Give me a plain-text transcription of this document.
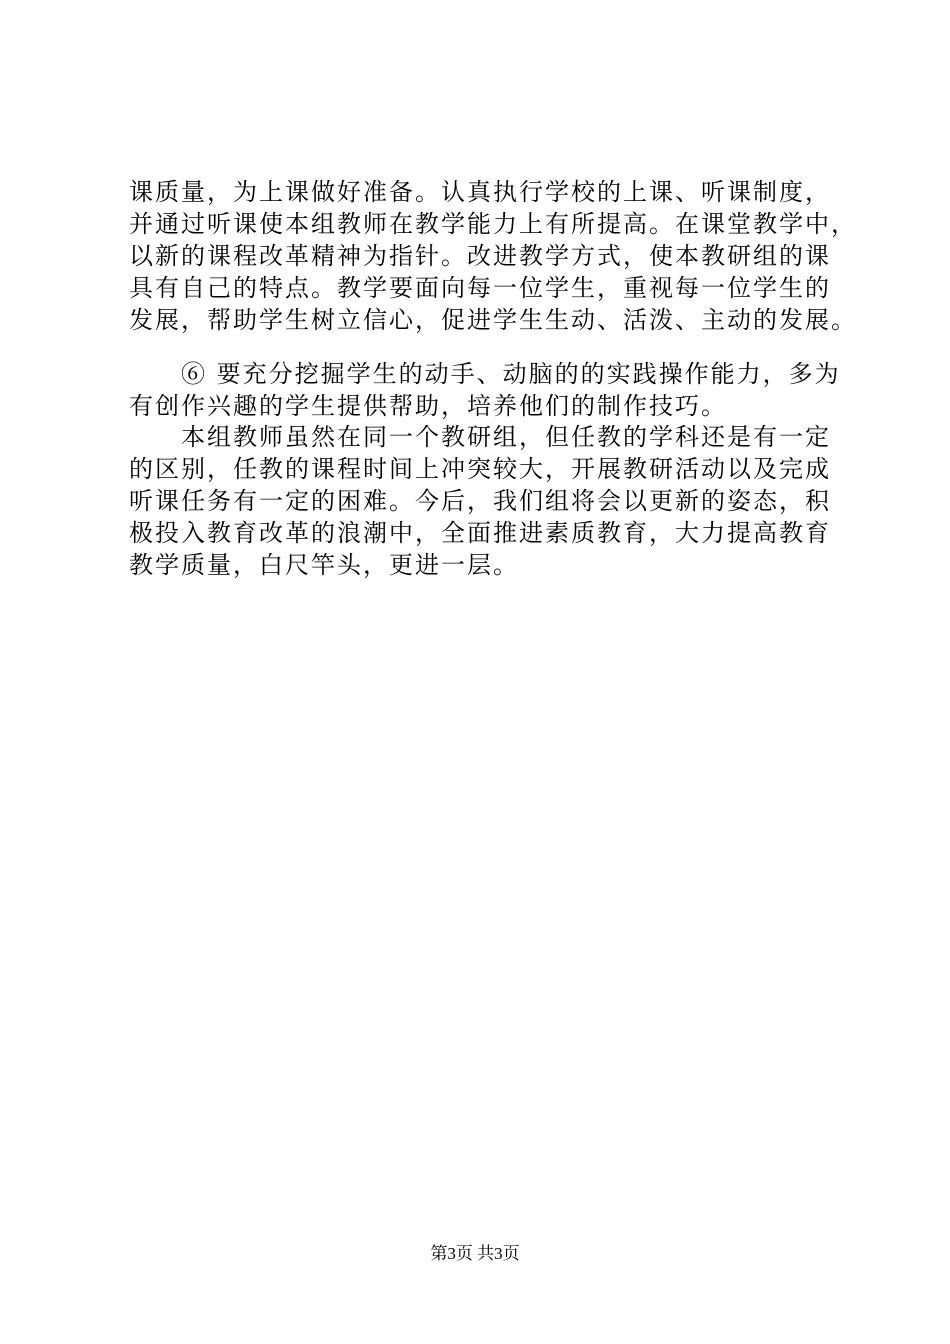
课质量，为上课做好准备。认真执行学校的上课、听课制度，
并通过听课使本组教师在教学能力上有所提高。在课堂教学中，
以新的课程改革精神为指针。改进教学方式，使本教研组的课
具有自己的特点。教学要面向每一位学生，重视每一位学生的
发展，帮助学生树立信心，促进学生生动、活泼、主动的发展。
　　⑥ 要充分挖掘学生的动手、动脑的的实践操作能力，多为
有创作兴趣的学生提供帮助，培养他们的制作技巧。
　　本组教师虽然在同一个教研组，但任教的学科还是有一定
的区别，任教的课程时间上冲突较大，开展教研活动以及完成
听课任务有一定的困难。今后，我们组将会以更新的姿态，积
极投入教育改革的浪潮中，全面推进素质教育，大力提高教育
教学质量，白尺竿头，更进一层。
第3页 共3页
